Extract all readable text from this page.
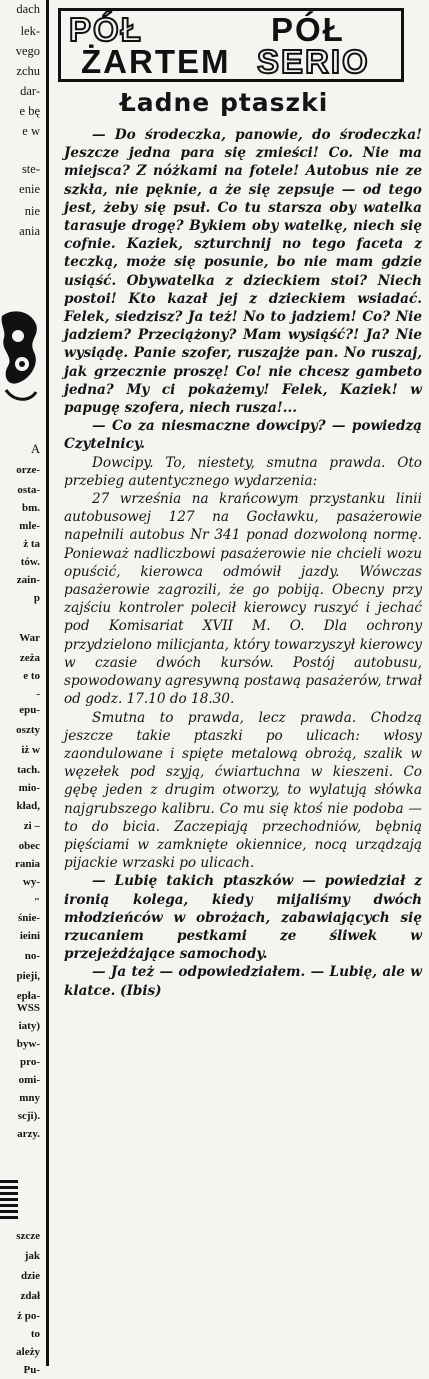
dach
lek-
vego
zchu
dar-
e bę
e w
ste-
enie
nie
ania
A
orze-
osta-
bm.
mle-
ż ta
tów.
zain-
p
War
zeża
e to
-
epu-
oszty
iż w
tach.
mio-
kład,
zi –
obec
rania
wy-
"
śnie-
ieini
no-
pieji,
epła-
WSS
iaty)
byw-
pro-
omi-
mny
scji).
arzy.
szcze
jak
dzie
zdał
ż po-
to
ależy
Pu-
PÓŁ	PÓŁ
ŻARTEM SERIO
Ładne ptaszki

— Do środeczka, panowie, do środeczka! Jeszcze jedna para się zmieści! Co. Nie ma miejsca? Z nóżkami na fotele! Autobus nie ze szkła, nie pęknie, a że się zepsuje — od tego jest, żeby się psuł. Co tu starsza oby watelka tarasuje drogę? Bykiem oby watelkę, niech się cofnie. Kaziek, szturchnij no tego faceta z teczką, może się posunie, bo nie mam gdzie usiąść. Obywatelka z dzieckiem stoi? Niech postoi! Kto kazał jej z dzieckiem wsiadać. Felek, siedzisz? Ja też! No to jadziem! Co? Nie jadziem? Przeciążony? Mam wysiąść?! Ja? Nie wysiądę. Panie szofer, ruszajże pan. No ruszaj, jak grzecznie proszę! Co! nie chcesz gambeto jedna? My ci pokażemy! Felek, Kaziek! w papugę szofera, niech rusza!...

— Co za niesmaczne dowcipy? — powiedzą Czytelnicy.

Dowcipy. To, niestety, smutna prawda. Oto przebieg autentycznego wydarzenia:

27 września na krańcowym przystanku linii autobusowej 127 na Gocławku, pasażerowie napełnili autobus Nr 341 ponad dozwoloną normę. Ponieważ nadliczbowi pasażerowie nie chcieli wozu opuścić, kierowca odmówił jazdy. Wówczas pasażerowie zagrozili, że go pobiją. Obecny przy zajściu kontroler polecił kierowcy ruszyć i jechać pod Komisariat XVII M. O. Dla ochrony przydzielono milicjanta, który towarzyszył kierowcy w czasie dwóch kursów. Postój autobusu, spowodowany agresywną postawą pasażerów, trwał od godz. 17.10 do 18.30.

Smutna to prawda, lecz prawda. Chodzą jeszcze takie ptaszki po ulicach: włosy zaondulowane i spięte metalową obrożą, szalik w węzełek pod szyją, ćwiartuchna w kieszeni. Co gębę jeden z drugim otworzy, to wylatują słówka najgrubszego kalibru. Co mu się ktoś nie podoba — to do bicia. Zaczepiają przechodniów, bębnią pięściami w zamknięte okiennice, nocą urządzają pijackie wrzaski po ulicach.

— Lubię takich ptaszków — powiedział z ironią kolega, kiedy mijaliśmy dwóch młodzieńców w obrożach, zabawiających się rzucaniem pestkami ze śliwek w przejeżdżające samochody.

— Ja też — odpowiedziałem. — Lubię, ale w klatce. (Ibis)
